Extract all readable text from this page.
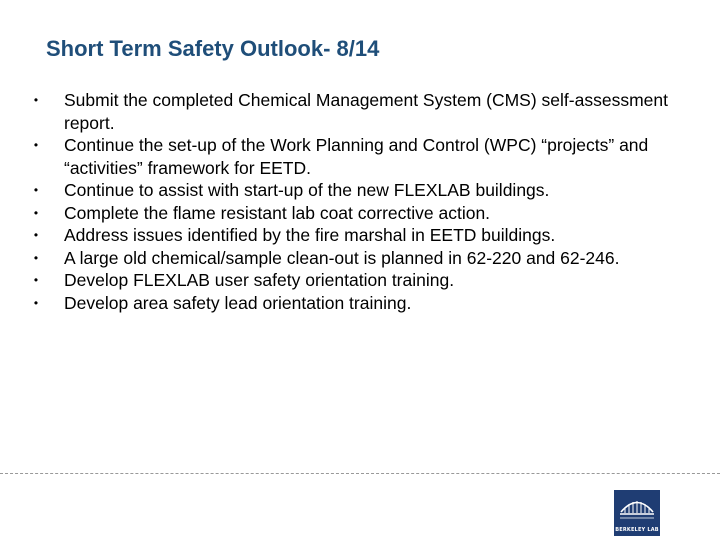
Short Term Safety Outlook- 8/14
• Submit the completed Chemical Management System (CMS) self-assessment report.
• Continue the set-up of the Work Planning and Control (WPC) “projects” and “activities” framework for EETD.
• Continue to assist with start-up of the new FLEXLAB buildings.
• Complete the flame resistant lab coat corrective action.
• Address issues identified by the fire marshal in EETD buildings.
• A large old chemical/sample clean-out is planned in 62-220 and 62-246.
• Develop FLEXLAB user safety orientation training.
• Develop area safety lead orientation training.
BERKELEY LAB
